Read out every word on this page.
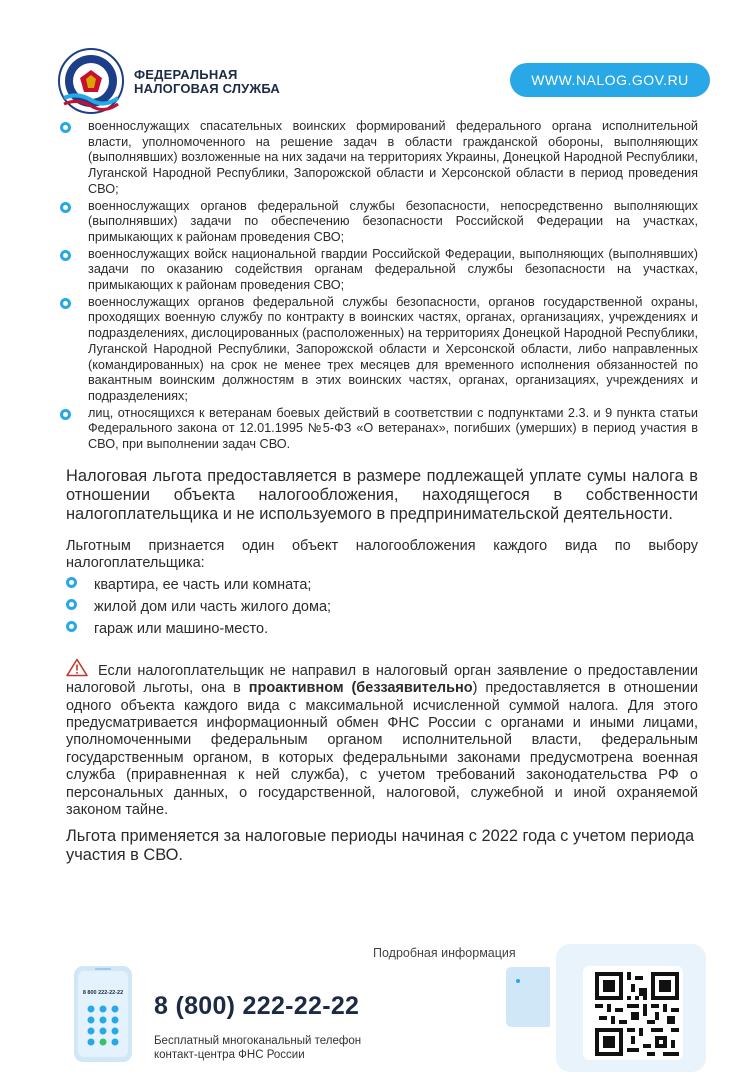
ФЕДЕРАЛЬНАЯ
НАЛОГОВАЯ СЛУЖБА
WWW.NALOG.GOV.RU
военнослужащих спасательных воинских формирований федерального органа исполнительной власти, уполномоченного на решение задач в области гражданской обороны, выполняющих (выполнявших) возложенные на них задачи на территориях Украины, Донецкой Народной Республики, Луганской Народной Республики, Запорожской области и Херсонской области в период проведения СВО;
военнослужащих органов федеральной службы безопасности, непосредственно выполняющих (выполнявших) задачи по обеспечению безопасности Российской Федерации на участках, примыкающих к районам проведения СВО;
военнослужащих войск национальной гвардии Российской Федерации, выполняющих (выполнявших) задачи по оказанию содействия органам федеральной службы безопасности на участках, примыкающих к районам проведения СВО;
военнослужащих органов федеральной службы безопасности, органов государственной охраны, проходящих военную службу по контракту в воинских частях, органах, организациях, учреждениях и подразделениях, дислоцированных (расположенных) на территориях Донецкой Народной Республики, Луганской Народной Республики, Запорожской области и Херсонской области, либо направленных (командированных) на срок не менее трех месяцев для временного исполнения обязанностей по вакантным воинским должностям в этих воинских частях, органах, организациях, учреждениях и подразделениях;
лиц, относящихся к ветеранам боевых действий в соответствии с подпунктами 2.3. и 9 пункта статьи Федерального закона от 12.01.1995 №5-ФЗ «О ветеранах», погибших (умерших) в период участия в СВО, при выполнении задач СВО.

Налоговая льгота предоставляется в размере подлежащей уплате сумы налога в отношении объекта налогообложения, находящегося в собственности налогоплательщика и не используемого в предпринимательской деятельности.

Льготным признается один объект налогообложения каждого вида по выбору налогоплательщика:

квартира, ее часть или комната;
жилой дом или часть жилого дома;
гараж или машино-место.

Если налогоплательщик не направил в налоговый орган заявление о предоставлении налоговой льготы, она в проактивном (беззаявительно) предоставляется в отношении одного объекта каждого вида с максимальной исчисленной суммой налога. Для этого предусматривается информационный обмен ФНС России с органами и иными лицами, уполномоченными федеральным органом исполнительной власти, федеральным государственным органом, в которых федеральными законами предусмотрена военная служба (приравненная к ней служба), с учетом требований законодательства РФ о персональных данных, о государственной, налоговой, служебной и иной охраняемой законом тайне.

Льгота применяется за налоговые периоды начиная с 2022 года с учетом периода участия в СВО.

Подробная информация
8 800 222-22-22 8 (800) 222-22-22
Бесплатный многоканальный телефон
контакт-центра ФНС России
